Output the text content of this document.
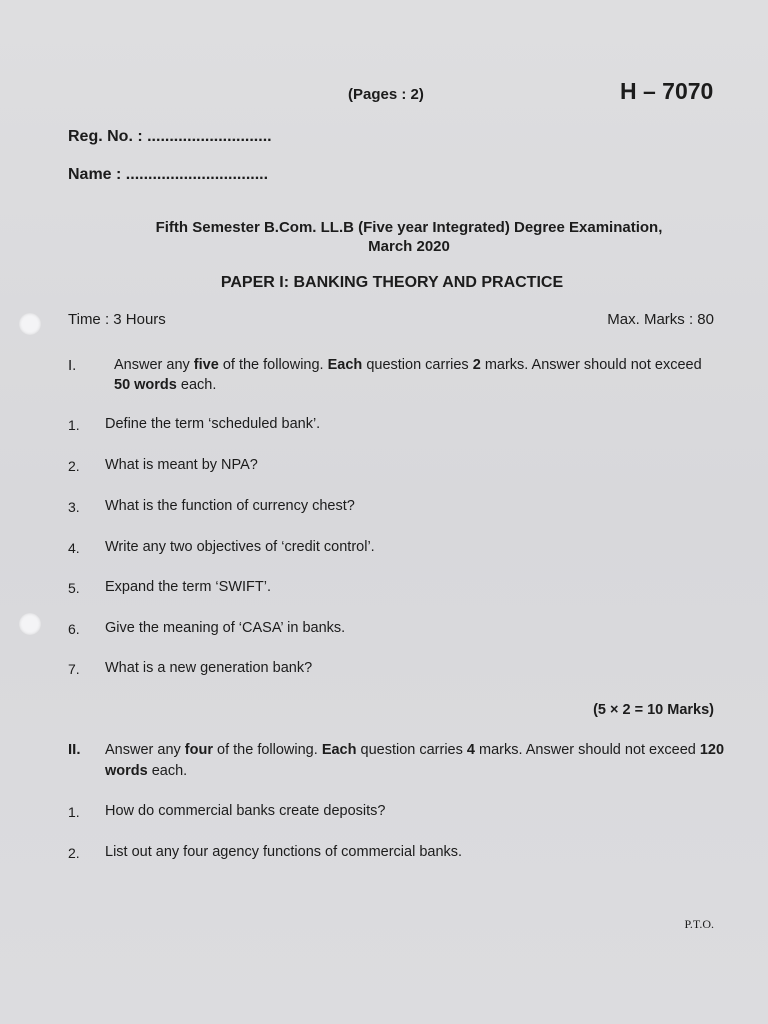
(Pages : 2)	H – 7070
Reg. No. : ............................
Name : ................................
Fifth Semester B.Com. LL.B (Five year Integrated) Degree Examination,
March 2020
PAPER I: BANKING THEORY AND PRACTICE
Time : 3 Hours	Max. Marks : 80
I.	Answer any five of the following. Each question carries 2 marks. Answer should not exceed 50 words each.
1. Define the term ‘scheduled bank’.
2. What is meant by NPA?
3. What is the function of currency chest?
4. Write any two objectives of ‘credit control’.
5. Expand the term ‘SWIFT’.
6. Give the meaning of ‘CASA’ in banks.
7. What is a new generation bank?
(5 × 2 = 10 Marks)
II. Answer any four of the following. Each question carries 4 marks. Answer should not exceed 120 words each.
1. How do commercial banks create deposits?
2. List out any four agency functions of commercial banks.
P.T.O.
